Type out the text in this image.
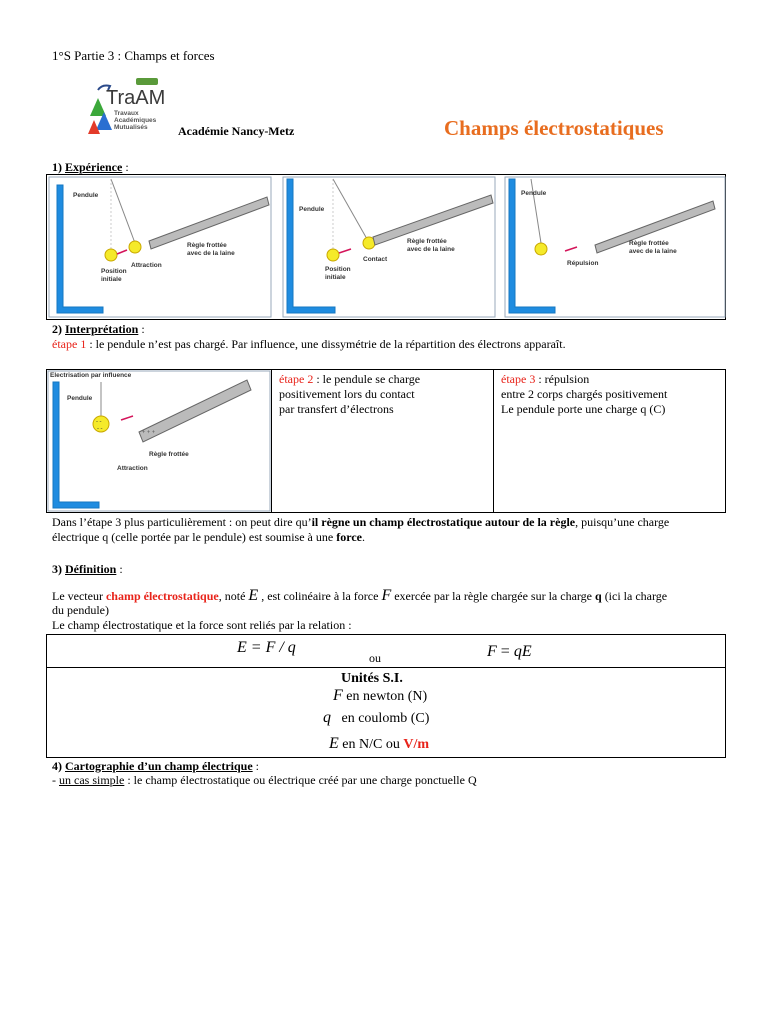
1°S Partie 3 : Champs et forces
TraAM
Travaux
Académiques
Mutualisés	Académie Nancy-Metz	Champs électrostatiques
1) Expérience :
Pendule
Règle frottée
avec de la laine
Position
initiale
Attraction
Pendule
Règle frottée
avec de la laine
Position
initiale
Contact
Pendule
Règle frottée
avec de la laine
Répulsion
2) Interprétation :
étape 1 : le pendule n’est pas chargé. Par influence, une dissymétrie de la répartition des électrons apparaît.
Electrisation par influence
- -
- -
+ + +
Pendule
Règle frottée
Attraction
étape 2 : le pendule se charge
positivement lors du contact
par transfert d’électrons
étape 3 : répulsion
entre 2 corps chargés positivement
Le pendule porte une charge q (C)
Dans l’étape 3 plus particulièrement : on peut dire qu’il règne un champ électrostatique autour de la règle, puisqu’une charge
électrique q (celle portée par le pendule) est soumise à une force.
3) Définition :
Le vecteur champ électrostatique, noté E , est colinéaire à la force F exercée par la règle chargée sur la charge q (ici la charge
du pendule)
Le champ électrostatique et la force sont reliés par la relation :
E = F / q
ou	F = qE
Unités S.I.
F en newton (N)
q en coulomb (C)
E en N/C ou V/m
4) Cartographie d’un champ électrique :
- un cas simple : le champ électrostatique ou électrique créé par une charge ponctuelle Q
